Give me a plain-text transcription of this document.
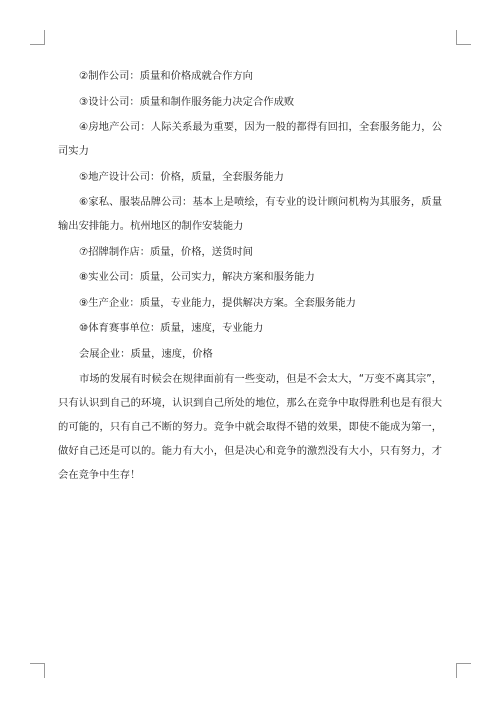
②制作公司：质量和价格成就合作方向

③设计公司：质量和制作服务能力决定合作成败

④房地产公司：人际关系最为重要，因为一般的都得有回扣，全套服务能力，公司实力

⑤地产设计公司：价格，质量，全套服务能力

⑥家私、服装品牌公司：基本上是喷绘，有专业的设计顾问机构为其服务，质量输出安排能力。杭州地区的制作安装能力

⑦招牌制作店：质量，价格，送货时间

⑧实业公司：质量，公司实力，解决方案和服务能力

⑨生产企业：质量，专业能力，提供解决方案。全套服务能力

⑩体育赛事单位：质量，速度，专业能力

会展企业：质量，速度，价格

市场的发展有时候会在规律面前有一些变动，但是不会太大，“万变不离其宗”，只有认识到自己的环境，认识到自己所处的地位，那么在竞争中取得胜利也是有很大的可能的，只有自己不断的努力。竞争中就会取得不错的效果，即使不能成为第一，做好自己还是可以的。能力有大小，但是决心和竞争的激烈没有大小，只有努力，才会在竞争中生存！
